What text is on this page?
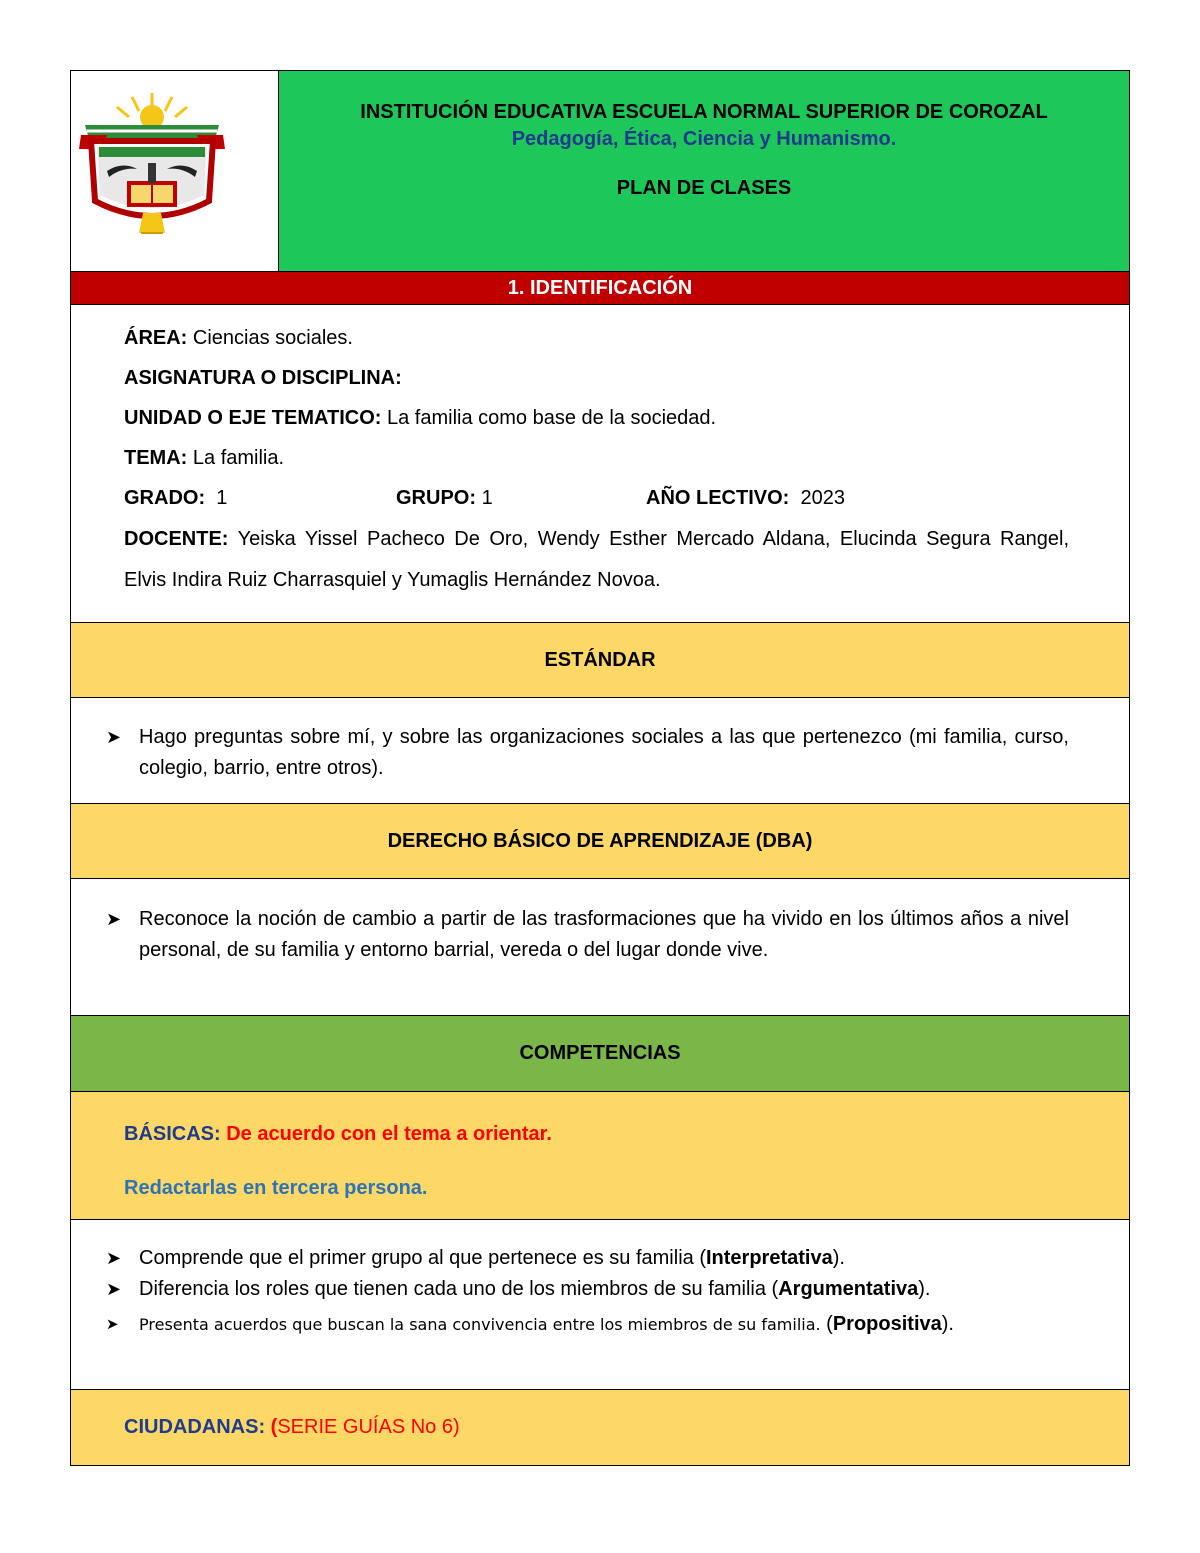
INSTITUCIÓN EDUCATIVA ESCUELA NORMAL SUPERIOR DE COROZAL
Pedagogía, Ética, Ciencia y Humanismo.
PLAN DE CLASES
1. IDENTIFICACIÓN

ÁREA: Ciencias sociales.

ASIGNATURA O DISCIPLINA:

UNIDAD O EJE TEMATICO: La familia como base de la sociedad.

TEMA: La familia.

GRADO: 1	GRUPO: 1	AÑO LECTIVO: 2023

DOCENTE: Yeiska Yissel Pacheco De Oro, Wendy Esther Mercado Aldana, Elucinda Segura Rangel, Elvis Indira Ruiz Charrasquiel y Yumaglis Hernández Novoa.

ESTÁNDAR
➤ Hago preguntas sobre mí, y sobre las organizaciones sociales a las que pertenezco (mi familia, curso, colegio, barrio, entre otros).
DERECHO BÁSICO DE APRENDIZAJE (DBA)
➤ Reconoce la noción de cambio a partir de las trasformaciones que ha vivido en los últimos años a nivel personal, de su familia y entorno barrial, vereda o del lugar donde vive.
COMPETENCIAS

BÁSICAS: De acuerdo con el tema a orientar.

Redactarlas en tercera persona.

➤ Comprende que el primer grupo al que pertenece es su familia (Interpretativa).
➤ Diferencia los roles que tienen cada uno de los miembros de su familia (Argumentativa).
➤	Presenta acuerdos que buscan la sana convivencia entre los miembros de su familia. (Propositiva).
CIUDADANAS: (SERIE GUÍAS No 6)
